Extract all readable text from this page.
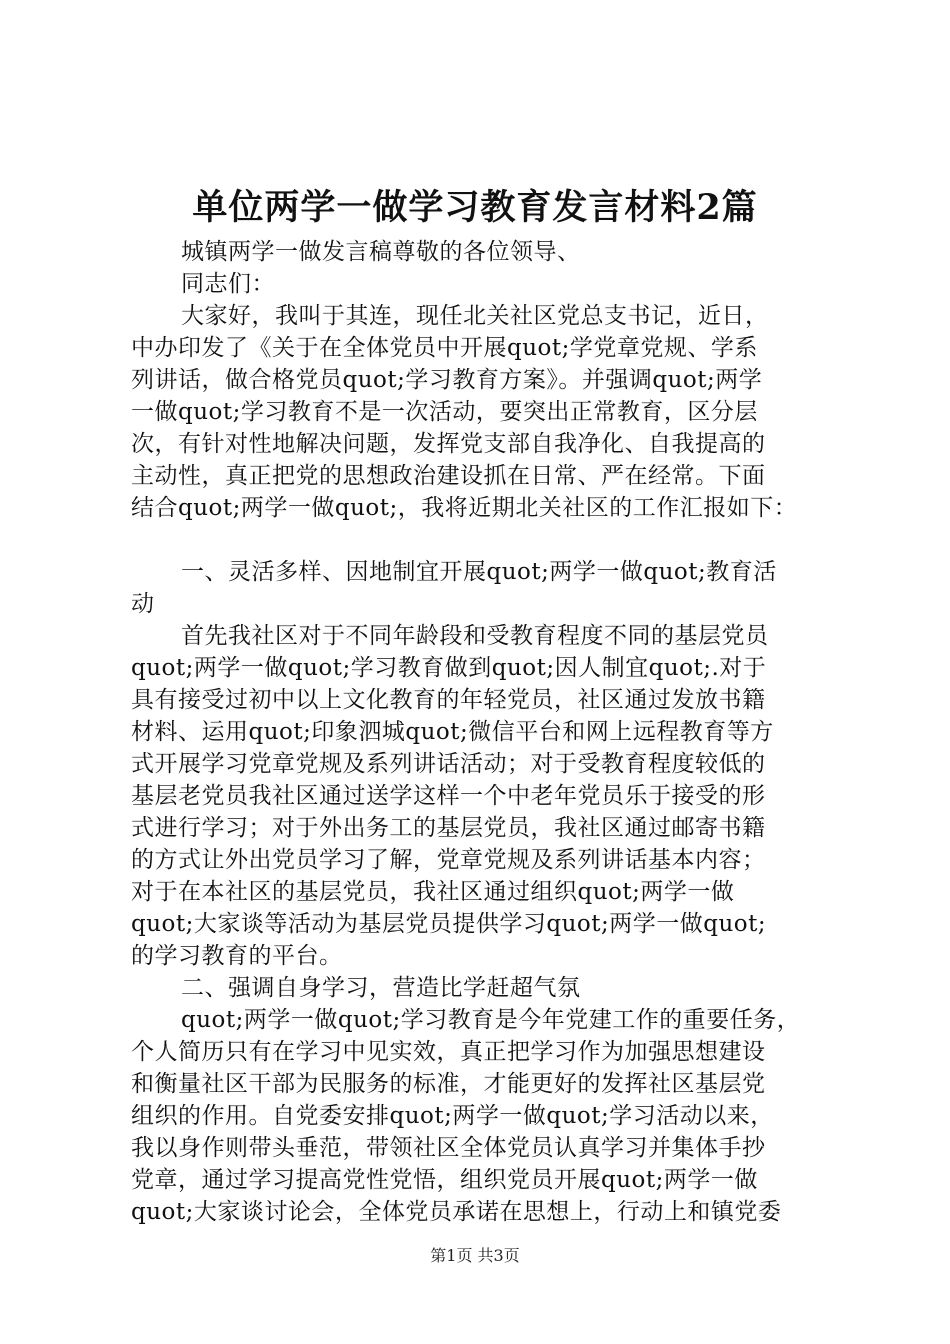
单位两学一做学习教育发言材料2篇
城镇两学一做发言稿尊敬的各位领导、
同志们：
大家好，我叫于其连，现任北关社区党总支书记，近日，
中办印发了《关于在全体党员中开展quot;学党章党规、学系
列讲话，做合格党员quot;学习教育方案》。并强调quot;两学
一做quot;学习教育不是一次活动，要突出正常教育，区分层
次，有针对性地解决问题，发挥党支部自我净化、自我提高的
主动性，真正把党的思想政治建设抓在日常、严在经常。下面
结合quot;两学一做quot;，我将近期北关社区的工作汇报如下：
一、灵活多样、因地制宜开展quot;两学一做quot;教育活
动
首先我社区对于不同年龄段和受教育程度不同的基层党员
quot;两学一做quot;学习教育做到quot;因人制宜quot;.对于
具有接受过初中以上文化教育的年轻党员，社区通过发放书籍
材料、运用quot;印象泗城quot;微信平台和网上远程教育等方
式开展学习党章党规及系列讲话活动；对于受教育程度较低的
基层老党员我社区通过送学这样一个中老年党员乐于接受的形
式进行学习；对于外出务工的基层党员，我社区通过邮寄书籍
的方式让外出党员学习了解，党章党规及系列讲话基本内容；
对于在本社区的基层党员，我社区通过组织quot;两学一做
quot;大家谈等活动为基层党员提供学习quot;两学一做quot;
的学习教育的平台。
二、强调自身学习，营造比学赶超气氛
quot;两学一做quot;学习教育是今年党建工作的重要任务，
个人简历只有在学习中见实效，真正把学习作为加强思想建设
和衡量社区干部为民服务的标准，才能更好的发挥社区基层党
组织的作用。自党委安排quot;两学一做quot;学习活动以来，
我以身作则带头垂范，带领社区全体党员认真学习并集体手抄
党章，通过学习提高党性党悟，组织党员开展quot;两学一做
quot;大家谈讨论会，全体党员承诺在思想上，行动上和镇党委
第1页 共3页
